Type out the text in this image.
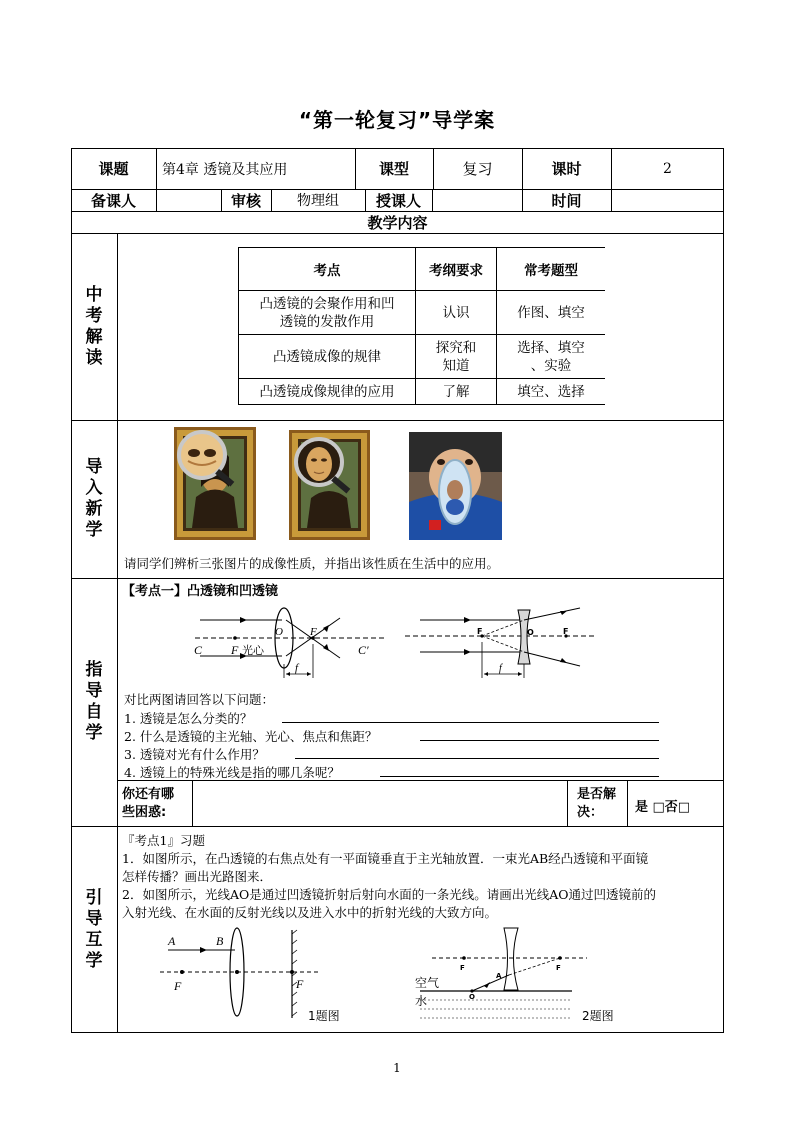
“第一轮复习”导学案
课题	第4章 透镜及其应用	课型	复习	课时	2
备课人	审核	物理组	授课人	时间
教学内容
中
考
解
读
考点	考纲要求	常考题型
凸透镜的会聚作用和凹
透镜的发散作用	认识	作图、填空
凸透镜成像的规律	探究和
知道	选择、填空
、实验
凸透镜成像规律的应用	了解	填空、选择
导
入
新
学
请同学们辨析三张图片的成像性质，并指出该性质在生活中的应用。
指
导
自
学
【考点一】凸透镜和凹透镜
C F 光心
O F
C′
f
F	O	F
f
对比两图请回答以下问题：
1. 透镜是怎么分类的？
2. 什么是透镜的主光轴、光心、焦点和焦距？
3. 透镜对光有什么作用？
4. 透镜上的特殊光线是指的哪几条呢？
你还有哪
些困惑:
是否解
决：	是 □否□
引
导
互
学
『考点1』习题
1．如图所示，在凸透镜的右焦点处有一平面镜垂直于主光轴放置．一束光AB经凸透镜和平面镜
怎样传播？画出光路图来．
2．如图所示，光线AO是通过凹透镜折射后射向水面的一条光线。请画出光线AO通过凹透镜前的
入射光线、在水面的反射光线以及进入水中的折射光线的大致方向。
A	B
F	F
1题图
F
A
F
O
空气
水
2题图
1
